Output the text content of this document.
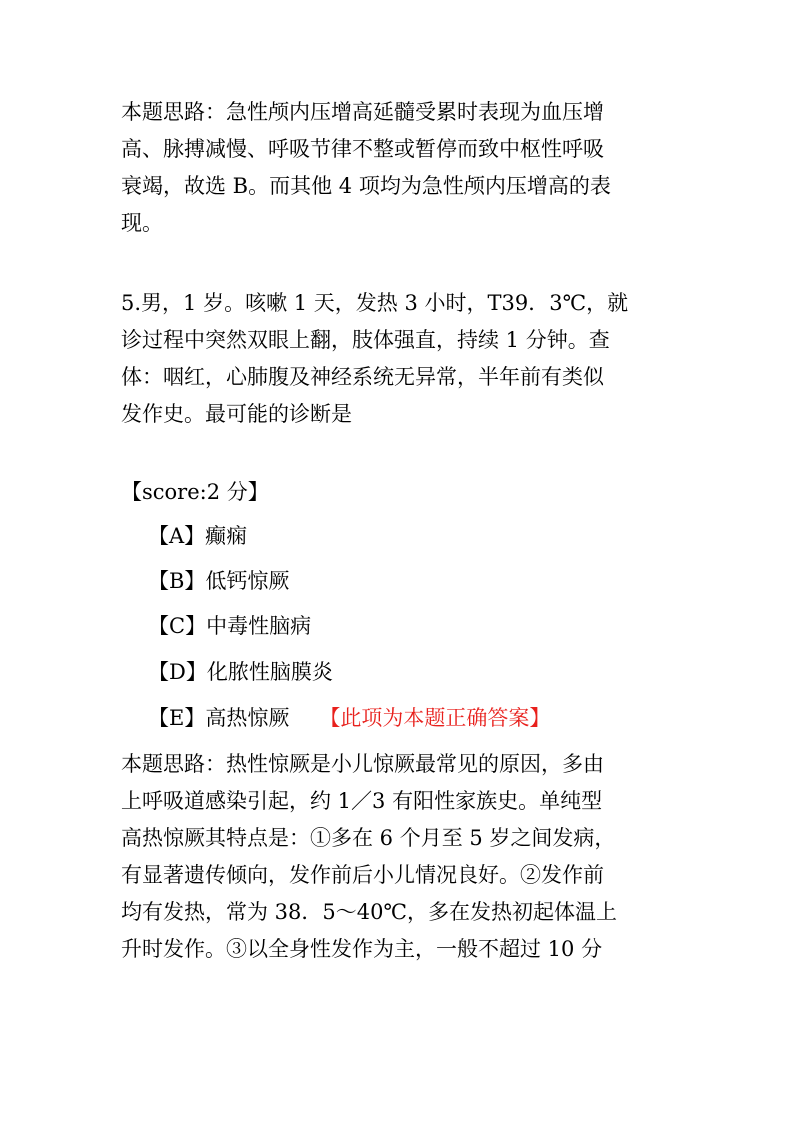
本题思路：急性颅内压增高延髓受累时表现为血压增
高、脉搏减慢、呼吸节律不整或暂停而致中枢性呼吸
衰竭，故选 B。而其他 4 项均为急性颅内压增高的表
现。
5.男，1 岁。咳嗽 1 天，发热 3 小时，T39．3℃，就
诊过程中突然双眼上翻，肢体强直，持续 1 分钟。查
体：咽红，心肺腹及神经系统无异常，半年前有类似
发作史。最可能的诊断是
【score:2 分】
【A】癫痫
【B】低钙惊厥
【C】中毒性脑病
【D】化脓性脑膜炎
【E】高热惊厥 【此项为本题正确答案】
本题思路：热性惊厥是小儿惊厥最常见的原因，多由
上呼吸道感染引起，约 1／3 有阳性家族史。单纯型
高热惊厥其特点是：①多在 6 个月至 5 岁之间发病，
有显著遗传倾向，发作前后小儿情况良好。②发作前
均有发热，常为 38．5～40℃，多在发热初起体温上
升时发作。③以全身性发作为主，一般不超过 10 分
